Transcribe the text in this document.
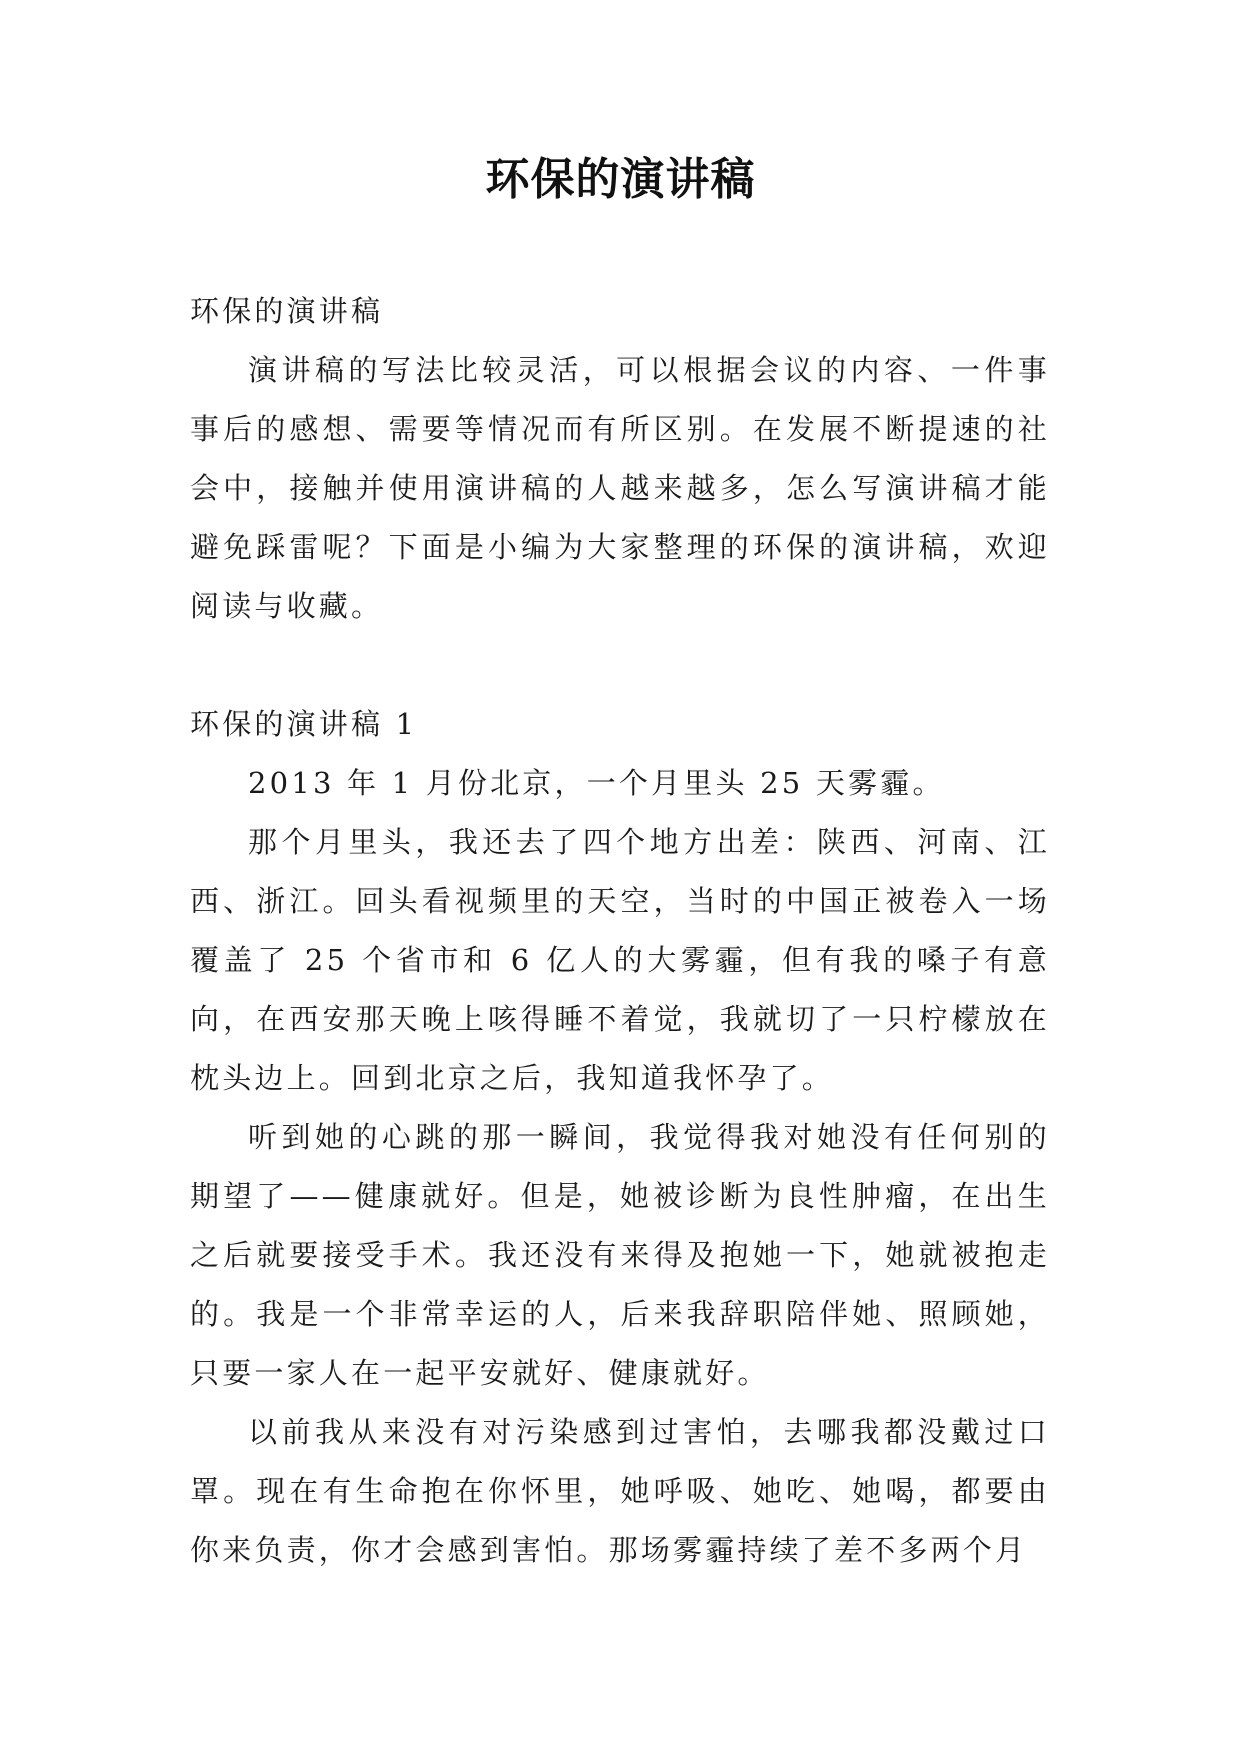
环保的演讲稿

环保的演讲稿

演讲稿的写法比较灵活，可以根据会议的内容、一件事事后的感想、需要等情况而有所区别。在发展不断提速的社会中，接触并使用演讲稿的人越来越多，怎么写演讲稿才能避免踩雷呢？下面是小编为大家整理的环保的演讲稿，欢迎阅读与收藏。

环保的演讲稿 1

2013 年 1 月份北京，一个月里头 25 天雾霾。

那个月里头，我还去了四个地方出差：陕西、河南、江西、浙江。回头看视频里的天空，当时的中国正被卷入一场覆盖了 25 个省市和 6 亿人的大雾霾，但有我的嗓子有意向，在西安那天晚上咳得睡不着觉，我就切了一只柠檬放在枕头边上。回到北京之后，我知道我怀孕了。

听到她的心跳的那一瞬间，我觉得我对她没有任何别的期望了——健康就好。但是，她被诊断为良性肿瘤，在出生之后就要接受手术。我还没有来得及抱她一下，她就被抱走的。我是一个非常幸运的人，后来我辞职陪伴她、照顾她，只要一家人在一起平安就好、健康就好。

以前我从来没有对污染感到过害怕，去哪我都没戴过口罩。现在有生命抱在你怀里，她呼吸、她吃、她喝，都要由你来负责，你才会感到害怕。那场雾霾持续了差不多两个月
